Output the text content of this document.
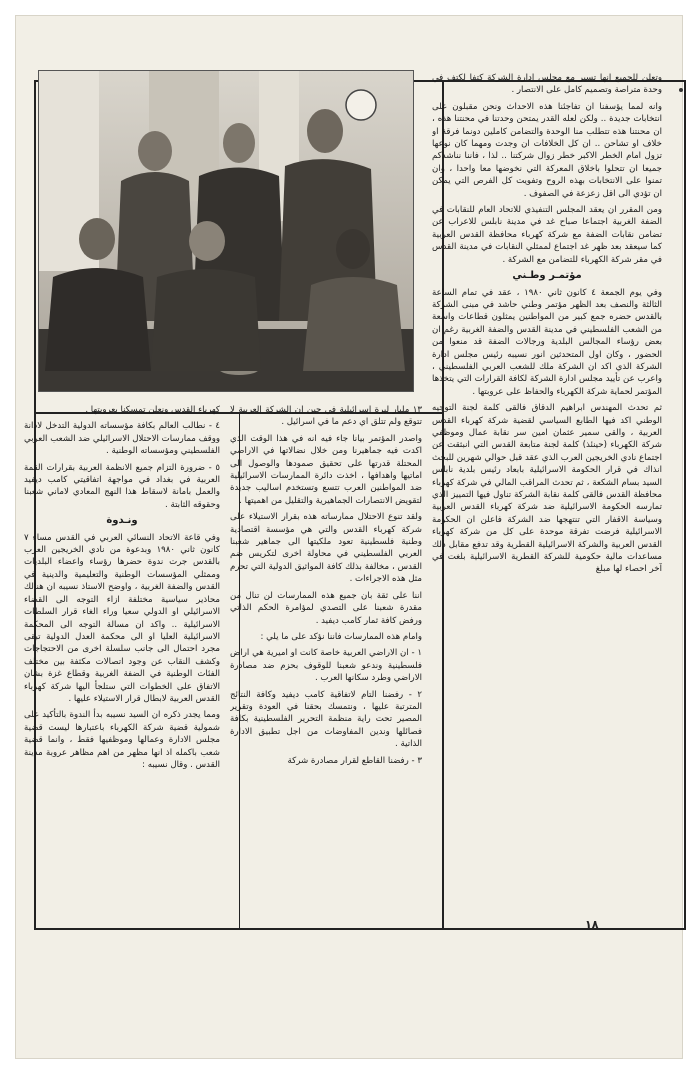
وتعلن للجميع انها تسير مع مجلس ادارة الشركة كتفا لكتف في وحدة متراصة وتصميم كامل على الانتصار .

وانه لمما يؤسفنا ان تفاجئنا هذه الاحداث ونحن مقبلون على انتخابات جديدة .. ولكن لعله القدر يمتحن وحدتنا في محنتنا هذه ، ان محنتنا هذه تتطلب منا الوحدة والتضامن كاملين دونما فرقة او خلاف او تشاحن .. ان كل الخلافات ان وجدت ومهما كان نوعها تزول امام الخطر الاكبر خطر زوال شركتنا .. لذا ، فاننا نناشدكم جميعا ان تتحلوا باخلاق المعركة التي نخوضها معا واحدا ، وان تمنوا على الانتخابات بهذه الروح وتفويت كل الفرص التي يمكن ان تؤدي الى اقل زعزعة في الصفوف .

ومن المقرر ان يعقد المجلس التنفيذي للاتحاد العام للنقابات في الضفة الغربية اجتماعا صباح غد في مدينة نابلس للاعراب عن تضامن نقابات الضفة مع شركة كهرباء محافظة القدس العربية كما سيعقد بعد ظهر غد اجتماع لممثلي النقابات في مدينة القدس في مقر شركة الكهرباء للتضامن مع الشركة .

مؤتمـر وطـني

وفي يوم الجمعة ٤ كانون ثاني ١٩٨٠ ، عقد في تمام الساعة الثالثة والنصف بعد الظهر مؤتمر وطني حاشد في مبنى الشركة بالقدس حضره جمع كبير من المواطنين يمثلون قطاعات واسعة من الشعب الفلسطيني في مدينة القدس والضفة الغربية رغم ان بعض رؤساء المجالس البلدية ورجالات الضفة قد منعوا من الحضور ، وكان اول المتحدثين انور نسيبه رئيس مجلس ادارة الشركة الذي اكد ان الشركة ملك للشعب العربي الفلسطيني ، واعرب عن تأييد مجلس ادارة الشركة لكافة القرارات التي يتخذها المؤتمر لحماية شركة الكهرباء والحفاظ على عروبتها .

ثم تحدث المهندس ابراهيم الدقاق فالقى كلمة لجنة التوجيه الوطني اكد فيها الطابع السياسي لقضية شركة كهرباء القدس العربية ، والقى سمير عثمان امين سر نقابة عمال وموظفي شركة الكهرباء (حينئذ) كلمة لجنة متابعة القدس التي انبثقت عن اجتماع نادي الخريجين العرب الذي عقد قبل حوالي شهرين للبحث انذاك في قرار الحكومة الاسرائيلية بابعاد رئيس بلدية نابلس السيد بسام الشكعة ، ثم تحدث المراقب المالي في شركة كهرباء محافظة القدس فالقى كلمة نقابة الشركة تناول فيها التمييز الذي تمارسه الحكومة الاسرائيلية ضد شركة كهرباء القدس العربية وسياسة الاقفار التي تنتهجها ضد الشركة فاعلن ان الحكومة الاسرائيلية فرضت تفرقة موحدة على كل من شركة كهرباء القدس العربية والشركة الاسرائيلية القطرية وقد تدفع مقابل ذلك مساعدات مالية حكومية للشركة القطرية الاسرائيلية بلغت في آخر احصاء لها مبلغ

١٣ مليار ليرة اسرائيلية في حين ان الشركة العربية لا تتوقع ولم تتلق اي دعم ما في اسرائيل .

واصدر المؤتمر بيانا جاء فيه انه في هذا الوقت الذي اكدت فيه جماهيرنا ومن خلال نضالاتها في الاراضي المحتلة قدرتها على تحقيق صمودها والوصول الى اماتيها واهدافها ، اخذت دائرة الممارسات الاسرائيلية ضد المواطنين العرب تتسع وتستخدم اساليب جديدة لتقويض الانتصارات الجماهيرية والتقليل من اهميتها .

ولقد تنوع الاحتلال ممارساته هذه بقرار الاستيلاء على شركة كهرباء القدس والتي هي مؤسسة اقتصادية وطنية فلسطينية تعود ملكيتها الى جماهير شعبنا العربي الفلسطيني في محاولة اخرى لتكريس ضم القدس ، مخالفة بذلك كافة المواثيق الدولية التي تحرم مثل هذه الاجراءات .

اننا على ثقة بان جميع هذه الممارسات لن تنال من مقدرة شعبنا على التصدي لمؤامرة الحكم الذاتي ورفض كافة ثمار كامب ديفيد .

وامام هذه الممارسات فاننا نؤكد على ما يلي :

١ - ان الاراضي العربية خاصة كانت او اميرية هي اراض فلسطينية وندعو شعبنا للوقوف بحزم ضد مصادرة الاراضي وطرد سكانها العرب .

٢ - رفضنا التام لاتفاقية كامب ديفيد وكافة النتائج المترتبة عليها ، ونتمسك بحقنا في العودة وتقرير المصير تحت راية منظمة التحرير الفلسطينية بكافة فصائلها وندين المفاوضات من اجل تطبيق الادارة الذاتية .

٣ - رفضنا القاطع لقرار مصادرة شركة

كهرباء القدس ونعلن تمسكنا بعروبتها .

٤ - نطالب العالم بكافة مؤسساته الدولية التدخل لادانة ووقف ممارسات الاحتلال الاسرائيلي ضد الشعب العربي الفلسطيني ومؤسساته الوطنية .

٥ - ضرورة التزام جميع الانظمة العربية بقرارات القمة العربية في بغداد في مواجهة اتفاقيتي كامب ديفيد والعمل بامانة لاسقاط هذا النهج المعادي لاماني شعبنا وحقوقه الثابتة .

ونـدوة

وفي قاعة الاتحاد النسائي العربي في القدس مساء ٧ كانون ثاني ١٩٨٠ وبدعوة من نادي الخريجين العرب بالقدس جرت ندوة حضرها رؤساء واعضاء البلديات وممثلي المؤسسات الوطنية والتعليمية والدينية في القدس والضفة الغربية ، واوضح الاستاذ نسيبه ان هنالك محاذير سياسية مختلفة ازاء التوجه الى القضاء الاسرائيلي او الدولي سعيا وراء الغاء قرار السلطات الاسرائيلية .. واكد ان مسالة التوجه الى المحكمة الاسرائيلية العليا او الى محكمة العدل الدولية تبقى مجرد احتمال الى جانب سلسلة اخرى من الاحتجاجات وكشف النقاب عن وجود اتصالات مكثفة بين مختلف الفئات الوطنية في الضفة الغربية وقطاع غزة بشان الاتفاق على الخطوات التي ستلجأ اليها شركة كهرباء القدس العربية لابطال قرار الاستيلاء عليها .

ومما يجدر ذكره ان السيد نسيبه بدأ الندوة بالتأكيد على شمولية قضية شركة الكهرباء باعتبارها ليست قضية مجلس الادارة وعمالها وموظفيها فقط ، وانما قضية شعب باكمله اذ انها مظهر من اهم مظاهر عروبة مدينة القدس . وقال نسيبه :

١٨
